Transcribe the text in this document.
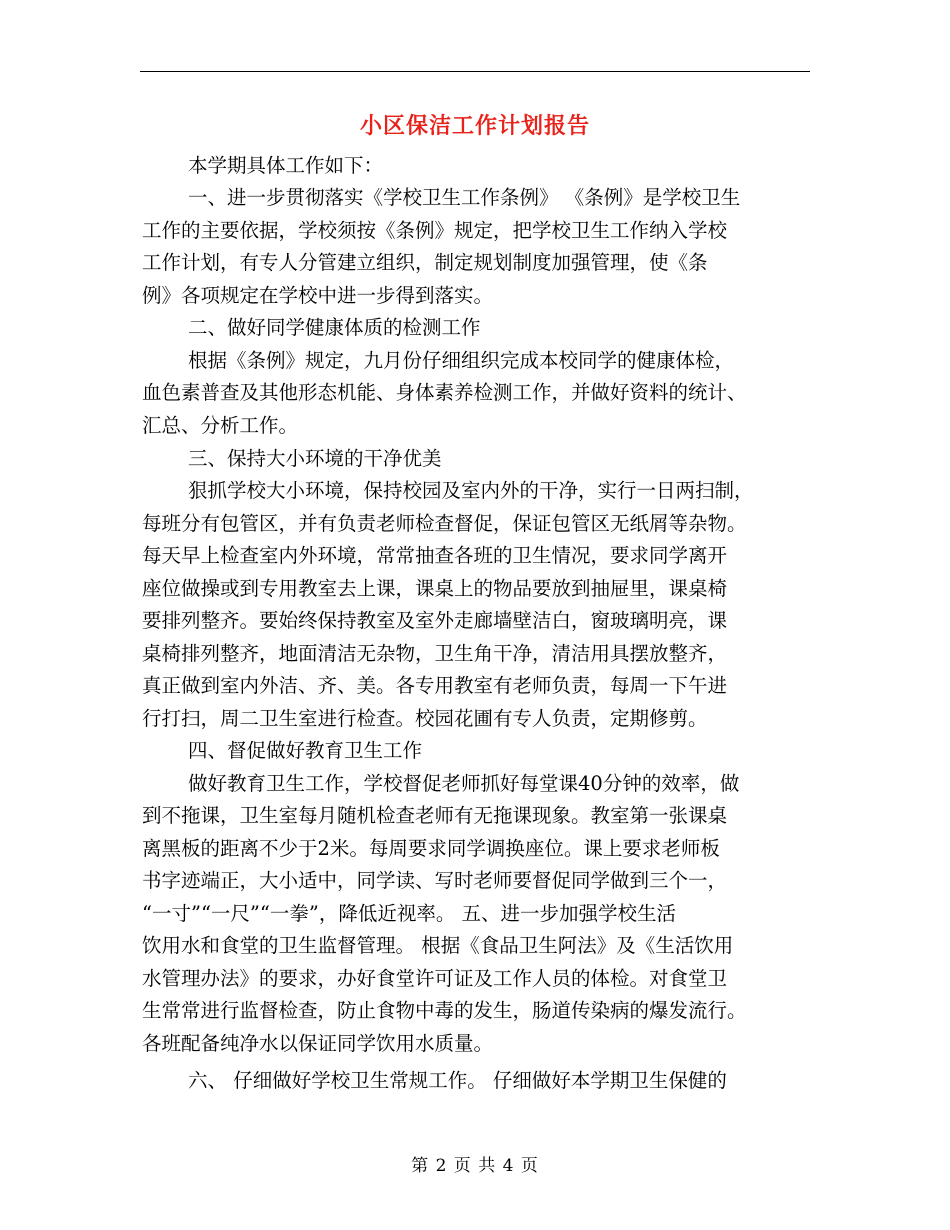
小区保洁工作计划报告
本学期具体工作如下：
一、进一步贯彻落实《学校卫生工作条例》 《条例》是学校卫生
工作的主要依据，学校须按《条例》规定，把学校卫生工作纳入学校
工作计划，有专人分管建立组织，制定规划制度加强管理，使《条
例》各项规定在学校中进一步得到落实。
二、做好同学健康体质的检测工作
根据《条例》规定，九月份仔细组织完成本校同学的健康体检，
血色素普查及其他形态机能、身体素养检测工作，并做好资料的统计、
汇总、分析工作。
三、保持大小环境的干净优美
狠抓学校大小环境，保持校园及室内外的干净，实行一日两扫制，
每班分有包管区，并有负责老师检查督促，保证包管区无纸屑等杂物。
每天早上检查室内外环境，常常抽查各班的卫生情况，要求同学离开
座位做操或到专用教室去上课，课桌上的物品要放到抽屉里，课桌椅
要排列整齐。要始终保持教室及室外走廊墙壁洁白，窗玻璃明亮，课
桌椅排列整齐，地面清洁无杂物，卫生角干净，清洁用具摆放整齐，
真正做到室内外洁、齐、美。各专用教室有老师负责，每周一下午进
行打扫，周二卫生室进行检查。校园花圃有专人负责，定期修剪。
四、督促做好教育卫生工作
做好教育卫生工作，学校督促老师抓好每堂课40分钟的效率，做
到不拖课，卫生室每月随机检查老师有无拖课现象。教室第一张课桌
离黑板的距离不少于2米。每周要求同学调换座位。课上要求老师板
书字迹端正，大小适中，同学读、写时老师要督促同学做到三个一，
“一寸”“一尺”“一拳”，降低近视率。 五、进一步加强学校生活
饮用水和食堂的卫生监督管理。 根据《食品卫生阿法》及《生活饮用
水管理办法》的要求，办好食堂许可证及工作人员的体检。对食堂卫
生常常进行监督检查，防止食物中毒的发生，肠道传染病的爆发流行。
各班配备纯净水以保证同学饮用水质量。
六、 仔细做好学校卫生常规工作。 仔细做好本学期卫生保健的
第 2 页 共 4 页
